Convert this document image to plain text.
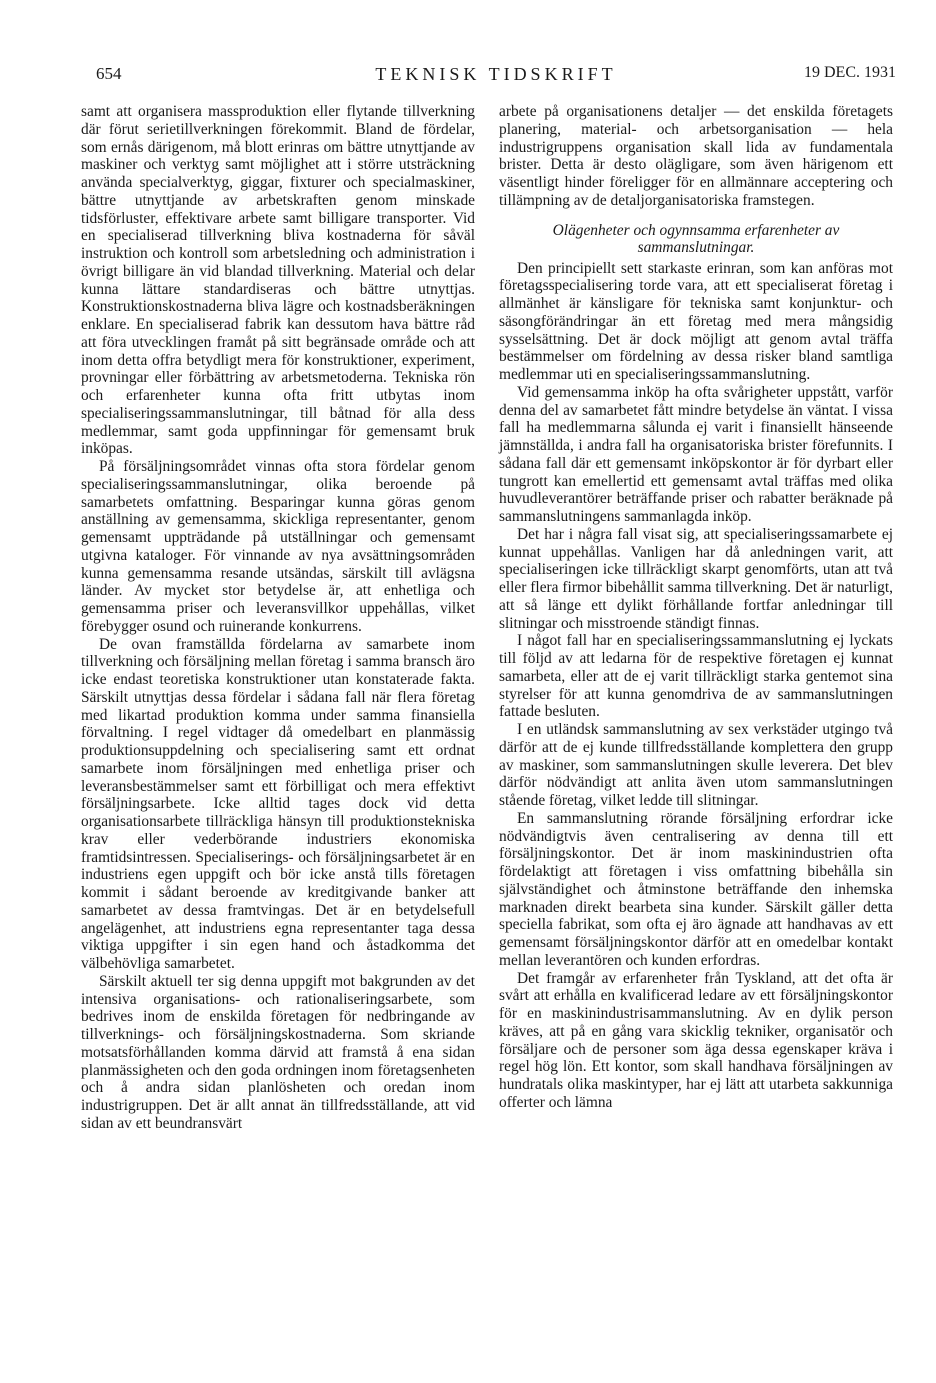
654	TEKNISK TIDSKRIFT	19 DEC. 1931

samt att organisera massproduktion eller flytande tillverkning där förut serietillverkningen förekommit. Bland de fördelar, som ernås därigenom, må blott erinras om bättre utnyttjande av maskiner och verktyg samt möjlighet att i större utsträckning använda specialverktyg, giggar, fixturer och specialmaskiner, bättre utnyttjande av arbetskraften genom minskade tidsförluster, effektivare arbete samt billigare transporter. Vid en specialiserad tillverkning bliva kostnaderna för såväl instruktion och kontroll som arbetsledning och administration i övrigt billigare än vid blandad tillverkning. Material och delar kunna lättare standardiseras och bättre utnyttjas. Konstruktionskostnaderna bliva lägre och kostnadsberäkningen enklare. En specialiserad fabrik kan dessutom hava bättre råd att föra utvecklingen framåt på sitt begränsade område och att inom detta offra betydligt mera för konstruktioner, experiment, provningar eller förbättring av arbetsmetoderna. Tekniska rön och erfarenheter kunna ofta fritt utbytas inom specialiseringssammanslutningar, till båtnad för alla dess medlemmar, samt goda uppfinningar för gemensamt bruk inköpas.

På försäljningsområdet vinnas ofta stora fördelar genom specialiseringssammanslutningar, olika beroende på samarbetets omfattning. Besparingar kunna göras genom anställning av gemensamma, skickliga representanter, genom gemensamt uppträdande på utställningar och gemensamt utgivna kataloger. För vinnande av nya avsättningsområden kunna gemensamma resande utsändas, särskilt till avlägsna länder. Av mycket stor betydelse är, att enhetliga och gemensamma priser och leveransvillkor uppehållas, vilket förebygger osund och ruinerande konkurrens.

De ovan framställda fördelarna av samarbete inom tillverkning och försäljning mellan företag i samma bransch äro icke endast teoretiska konstruktioner utan konstaterade fakta. Särskilt utnyttjas dessa fördelar i sådana fall när flera företag med likartad produktion komma under samma finansiella förvaltning. I regel vidtager då omedelbart en planmässig produktionsuppdelning och specialisering samt ett ordnat samarbete inom försäljningen med enhetliga priser och leveransbestämmelser samt ett förbilligat och mera effektivt försäljningsarbete. Icke alltid tages dock vid detta organisationsarbete tillräckliga hänsyn till produktionstekniska krav eller vederbörande industriers ekonomiska framtidsintressen. Specialiserings- och försäljningsarbetet är en industriens egen uppgift och bör icke anstå tills företagen kommit i sådant beroende av kreditgivande banker att samarbetet av dessa framtvingas. Det är en betydelsefull angelägenhet, att industriens egna representanter taga dessa viktiga uppgifter i sin egen hand och åstadkomma det välbehövliga samarbetet.

Särskilt aktuell ter sig denna uppgift mot bakgrunden av det intensiva organisations- och rationaliseringsarbete, som bedrives inom de enskilda företagen för nedbringande av tillverknings- och försäljningskostnaderna. Som skriande motsatsförhållanden komma därvid att framstå å ena sidan planmässigheten och den goda ordningen inom företagsenheten och å andra sidan planlösheten och oredan inom industrigruppen. Det är allt annat än tillfredsställande, att vid sidan av ett beundransvärt

arbete på organisationens detaljer — det enskilda företagets planering, material- och arbetsorganisation — hela industrigruppens organisation skall lida av fundamentala brister. Detta är desto olägligare, som även härigenom ett väsentligt hinder föreligger för en allmännare acceptering och tillämpning av de detaljorganisatoriska framstegen.

Olägenheter och ogynnsamma erfarenheter av sammanslutningar.

Den principiellt sett starkaste erinran, som kan anföras mot företagsspecialisering torde vara, att ett specialiserat företag i allmänhet är känsligare för tekniska samt konjunktur- och säsongförändringar än ett företag med mera mångsidig sysselsättning. Det är dock möjligt att genom avtal träffa bestämmelser om fördelning av dessa risker bland samtliga medlemmar uti en specialiseringssammanslutning.

Vid gemensamma inköp ha ofta svårigheter uppstått, varför denna del av samarbetet fått mindre betydelse än väntat. I vissa fall ha medlemmarna sålunda ej varit i finansiellt hänseende jämnställda, i andra fall ha organisatoriska brister förefunnits. I sådana fall där ett gemensamt inköpskontor är för dyrbart eller tungrott kan emellertid ett gemensamt avtal träffas med olika huvudleverantörer beträffande priser och rabatter beräknade på sammanslutningens sammanlagda inköp.

Det har i några fall visat sig, att specialiseringssamarbete ej kunnat uppehållas. Vanligen har då anledningen varit, att specialiseringen icke tillräckligt skarpt genomförts, utan att två eller flera firmor bibehållit samma tillverkning. Det är naturligt, att så länge ett dylikt förhållande fortfar anledningar till slitningar och misstroende ständigt finnas.

I något fall har en specialiseringssammanslutning ej lyckats till följd av att ledarna för de respektive företagen ej kunnat samarbeta, eller att de ej varit tillräckligt starka gentemot sina styrelser för att kunna genomdriva de av sammanslutningen fattade besluten.

I en utländsk sammanslutning av sex verkstäder utgingo två därför att de ej kunde tillfredsställande komplettera den grupp av maskiner, som sammanslutningen skulle leverera. Det blev därför nödvändigt att anlita även utom sammanslutningen stående företag, vilket ledde till slitningar.

En sammanslutning rörande försäljning erfordrar icke nödvändigtvis även centralisering av denna till ett försäljningskontor. Det är inom maskinindustrien ofta fördelaktigt att företagen i viss omfattning bibehålla sin självständighet och åtminstone beträffande den inhemska marknaden direkt bearbeta sina kunder. Särskilt gäller detta speciella fabrikat, som ofta ej äro ägnade att handhavas av ett gemensamt försäljningskontor därför att en omedelbar kontakt mellan leverantören och kunden erfordras.

Det framgår av erfarenheter från Tyskland, att det ofta är svårt att erhålla en kvalificerad ledare av ett försäljningskontor för en maskinindustrisammanslutning. Av en dylik person kräves, att på en gång vara skicklig tekniker, organisatör och försäljare och de personer som äga dessa egenskaper kräva i regel hög lön. Ett kontor, som skall handhava försäljningen av hundratals olika maskintyper, har ej lätt att utarbeta sakkunniga offerter och lämna
